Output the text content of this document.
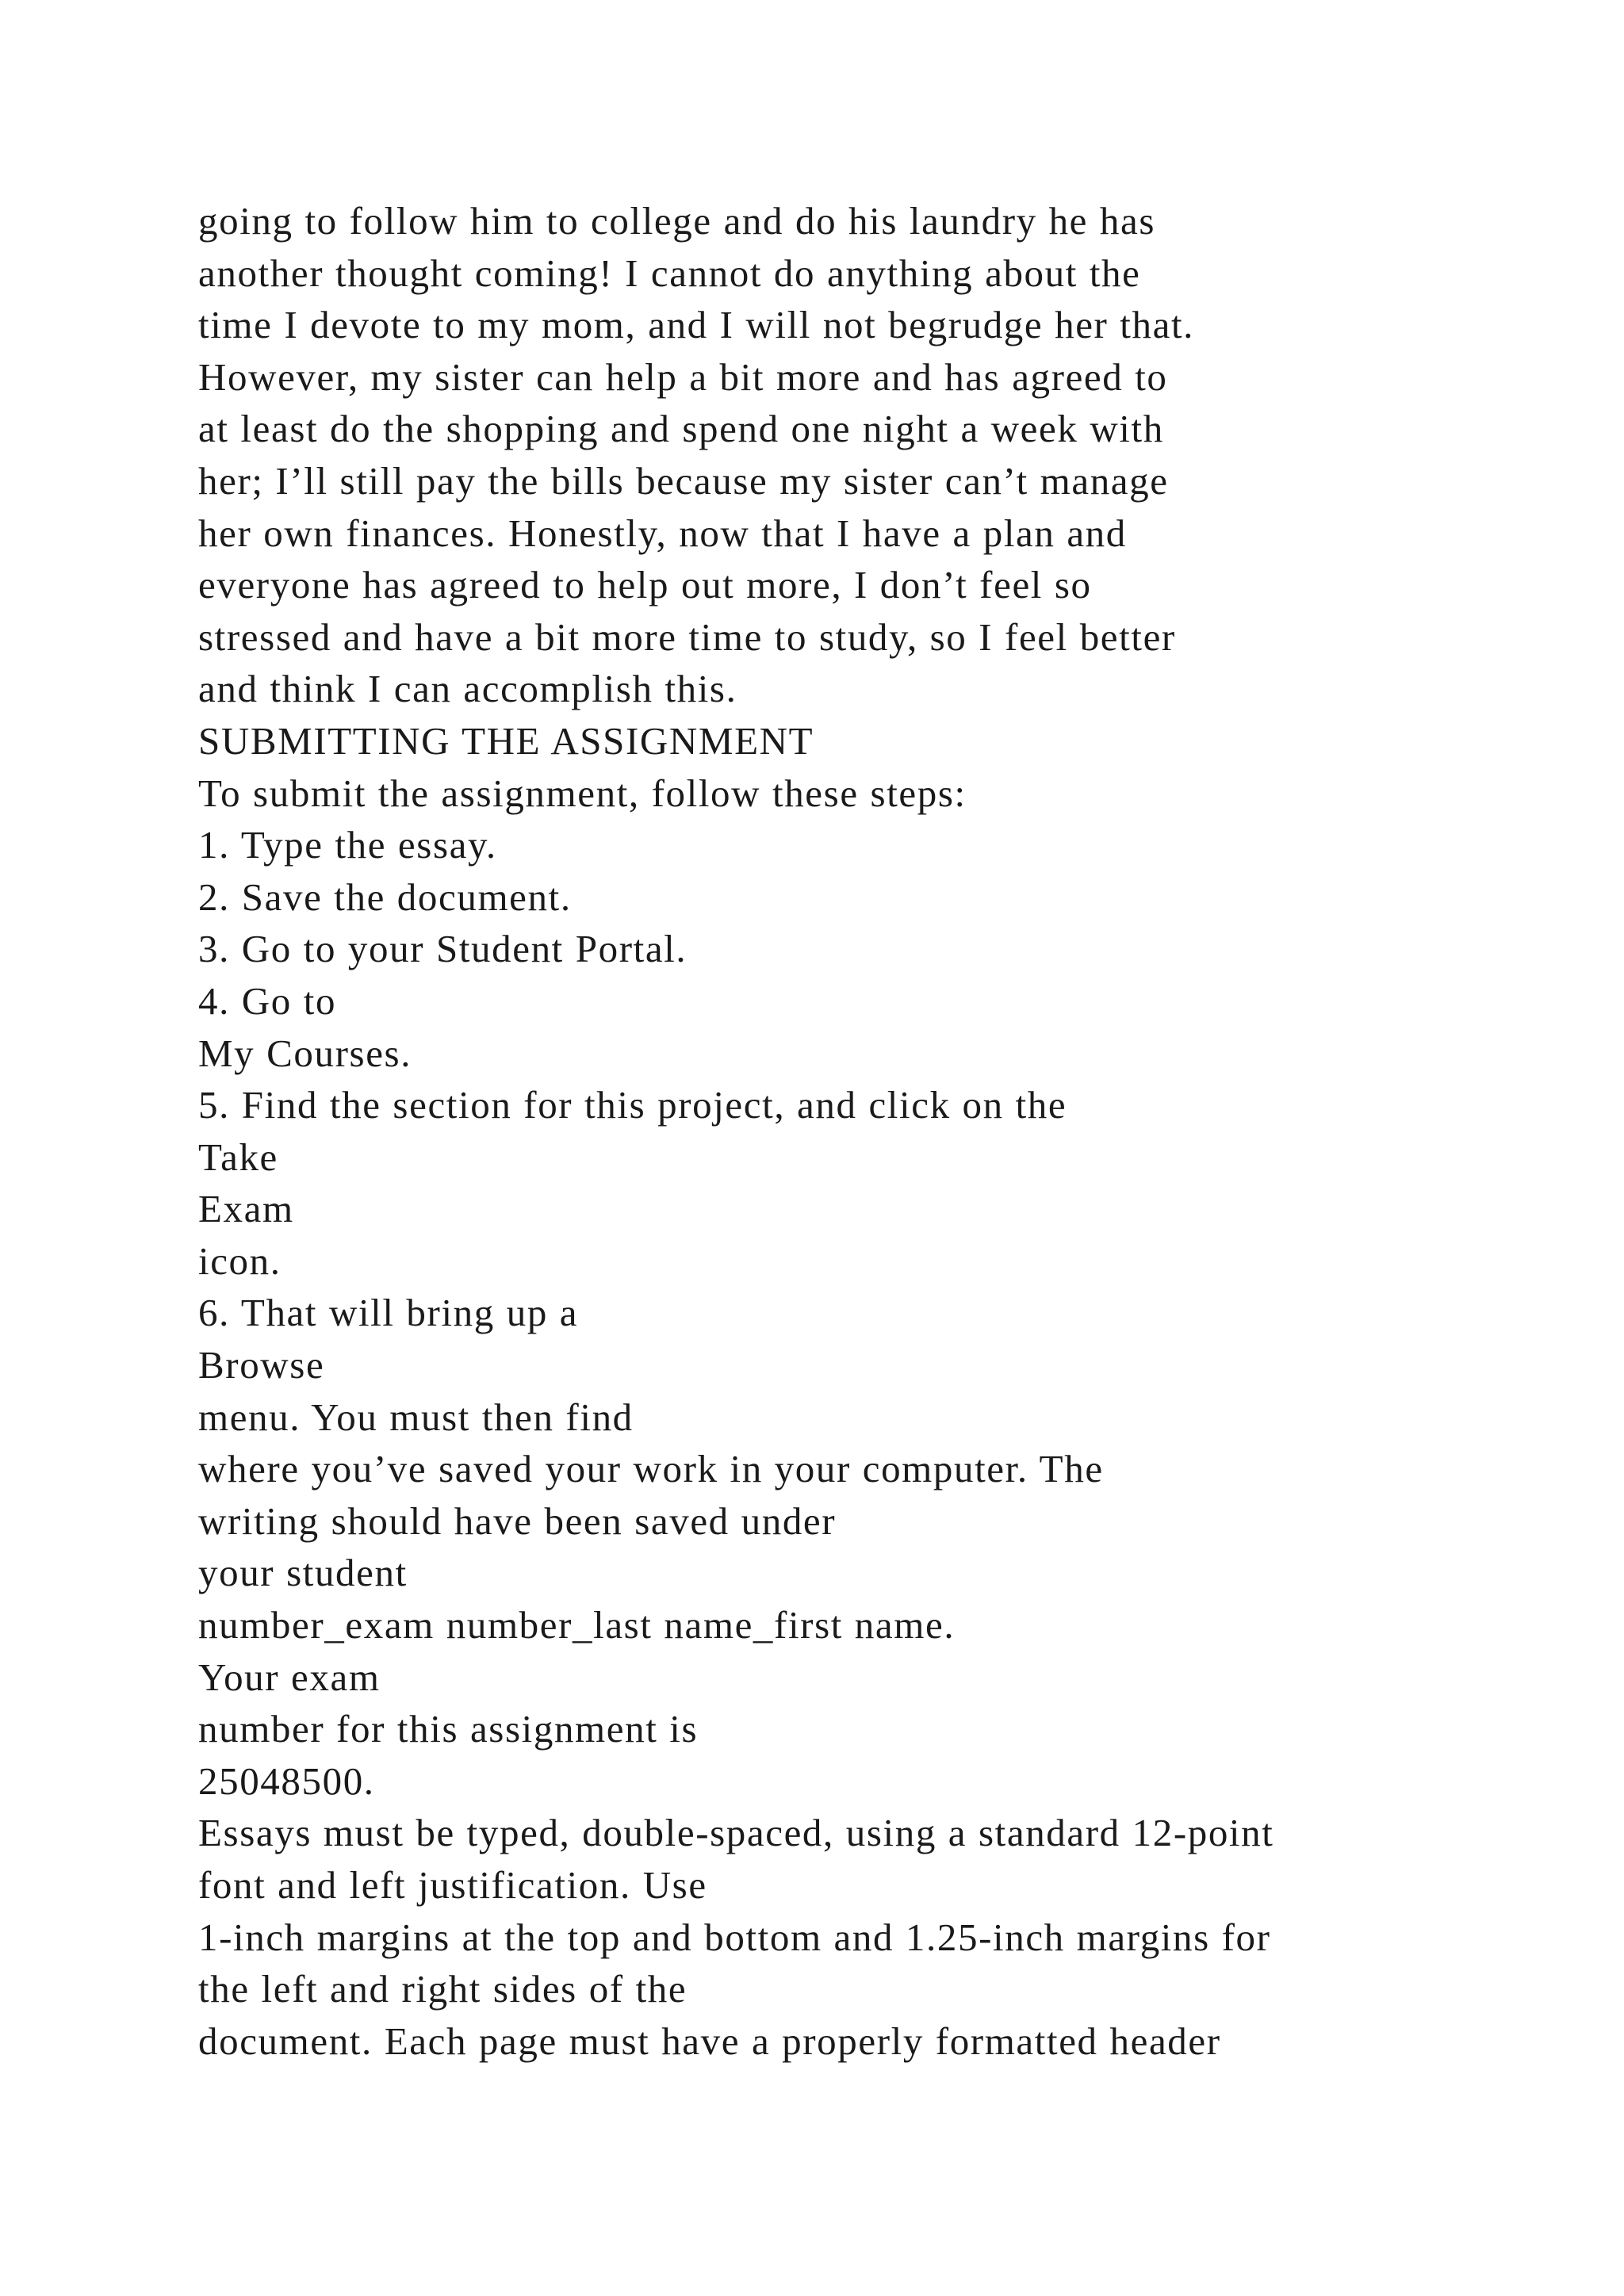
going to follow him to college and do his laundry he has
another thought coming! I cannot do anything about the
time I devote to my mom, and I will not begrudge her that.
However, my sister can help a bit more and has agreed to
at least do the shopping and spend one night a week with
her; I’ll still pay the bills because my sister can’t manage
her own finances. Honestly, now that I have a plan and
everyone has agreed to help out more, I don’t feel so
stressed and have a bit more time to study, so I feel better
and think I can accomplish this.
SUBMITTING THE ASSIGNMENT
To submit the assignment, follow these steps:
1. Type the essay.
2. Save the document.
3. Go to your Student Portal.
4. Go to
My Courses.
5. Find the section for this project, and click on the
Take
Exam
icon.
6. That will bring up a
Browse
menu. You must then find
where you’ve saved your work in your computer. The
writing should have been saved under
your student
number_exam number_last name_first name.
Your exam
number for this assignment is
25048500.
Essays must be typed, double-spaced, using a standard 12-point
font and left justification. Use
1-inch margins at the top and bottom and 1.25-inch margins for
the left and right sides of the
document. Each page must have a properly formatted header
